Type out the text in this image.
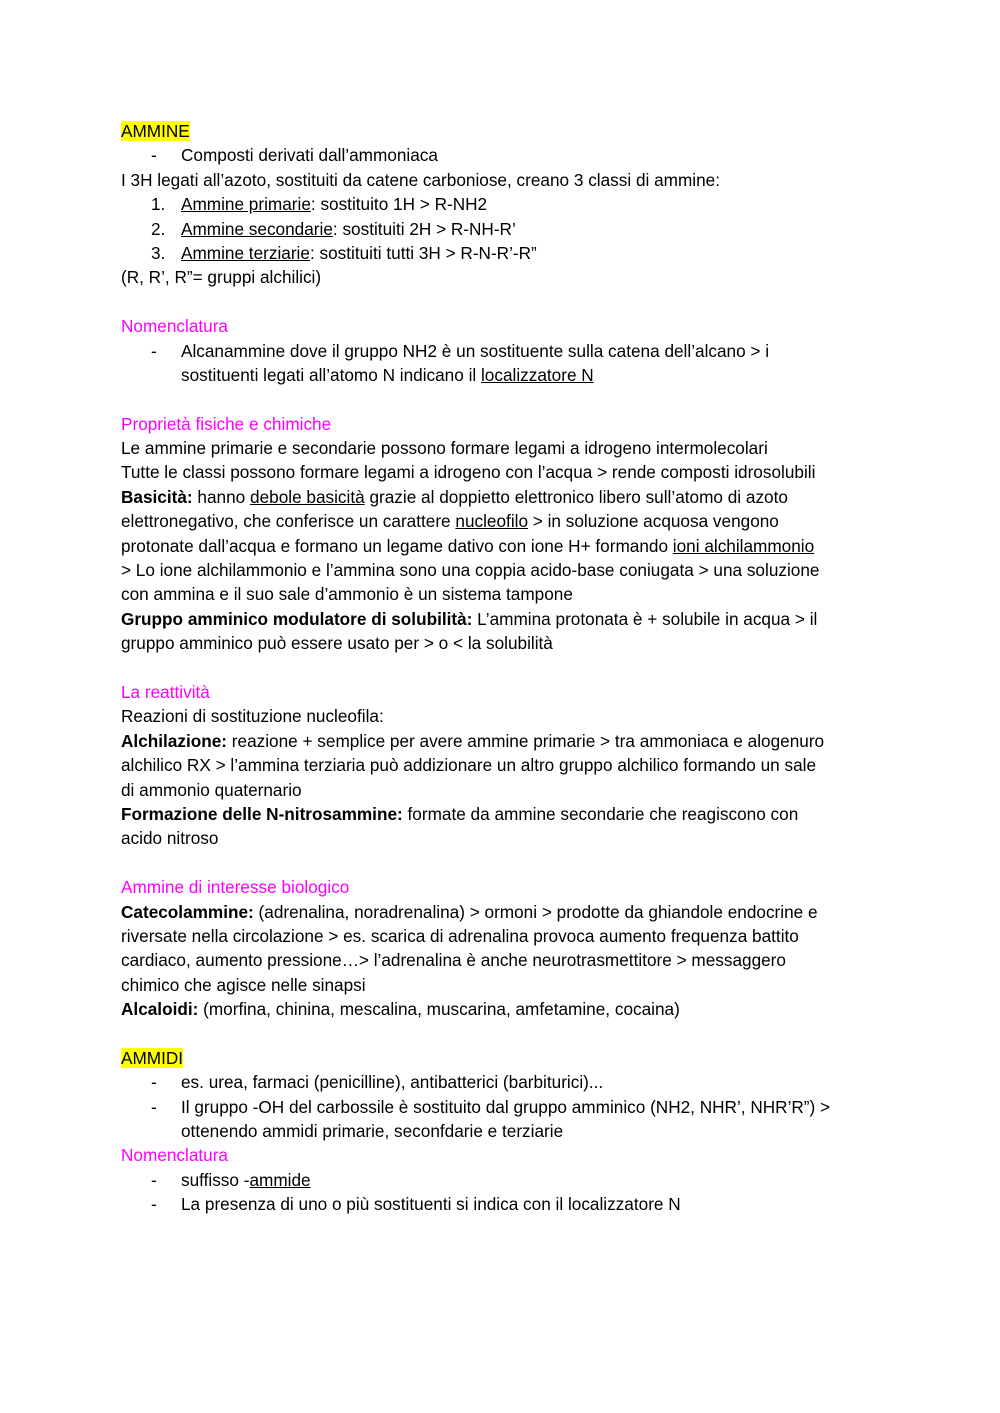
AMMINE
- Composti derivati dall’ammoniaca
I 3H legati all’azoto, sostituiti da catene carboniose, creano 3 classi di ammine:
1. Ammine primarie: sostituito 1H > R-NH2
2. Ammine secondarie: sostituiti 2H > R-NH-R’
3. Ammine terziarie: sostituiti tutti 3H > R-N-R’-R”
(R, R’, R”= gruppi alchilici)
Nomenclatura
- Alcanammine dove il gruppo NH2 è un sostituente sulla catena dell’alcano > i
sostituenti legati all’atomo N indicano il localizzatore N
Proprietà fisiche e chimiche
Le ammine primarie e secondarie possono formare legami a idrogeno intermolecolari
Tutte le classi possono formare legami a idrogeno con l’acqua > rende composti idrosolubili
Basicità: hanno debole basicità grazie al doppietto elettronico libero sull’atomo di azoto
elettronegativo, che conferisce un carattere nucleofilo > in soluzione acquosa vengono
protonate dall’acqua e formano un legame dativo con ione H+ formando ioni alchilammonio
> Lo ione alchilammonio e l’ammina sono una coppia acido-base coniugata > una soluzione
con ammina e il suo sale d’ammonio è un sistema tampone
Gruppo amminico modulatore di solubilità: L’ammina protonata è + solubile in acqua > il
gruppo amminico può essere usato per > o < la solubilità
La reattività
Reazioni di sostituzione nucleofila:
Alchilazione: reazione + semplice per avere ammine primarie > tra ammoniaca e alogenuro
alchilico RX > l’ammina terziaria può addizionare un altro gruppo alchilico formando un sale
di ammonio quaternario
Formazione delle N-nitrosammine: formate da ammine secondarie che reagiscono con
acido nitroso
Ammine di interesse biologico
Catecolammine: (adrenalina, noradrenalina) > ormoni > prodotte da ghiandole endocrine e
riversate nella circolazione > es. scarica di adrenalina provoca aumento frequenza battito
cardiaco, aumento pressione…> l’adrenalina è anche neurotrasmettitore > messaggero
chimico che agisce nelle sinapsi
Alcaloidi: (morfina, chinina, mescalina, muscarina, amfetamine, cocaina)
AMMIDI
- es. urea, farmaci (penicilline), antibatterici (barbiturici)...
- Il gruppo -OH del carbossile è sostituito dal gruppo amminico (NH2, NHR’, NHR’R”) >
ottenendo ammidi primarie, seconfdarie e terziarie
Nomenclatura
- suffisso -ammide
- La presenza di uno o più sostituenti si indica con il localizzatore N
